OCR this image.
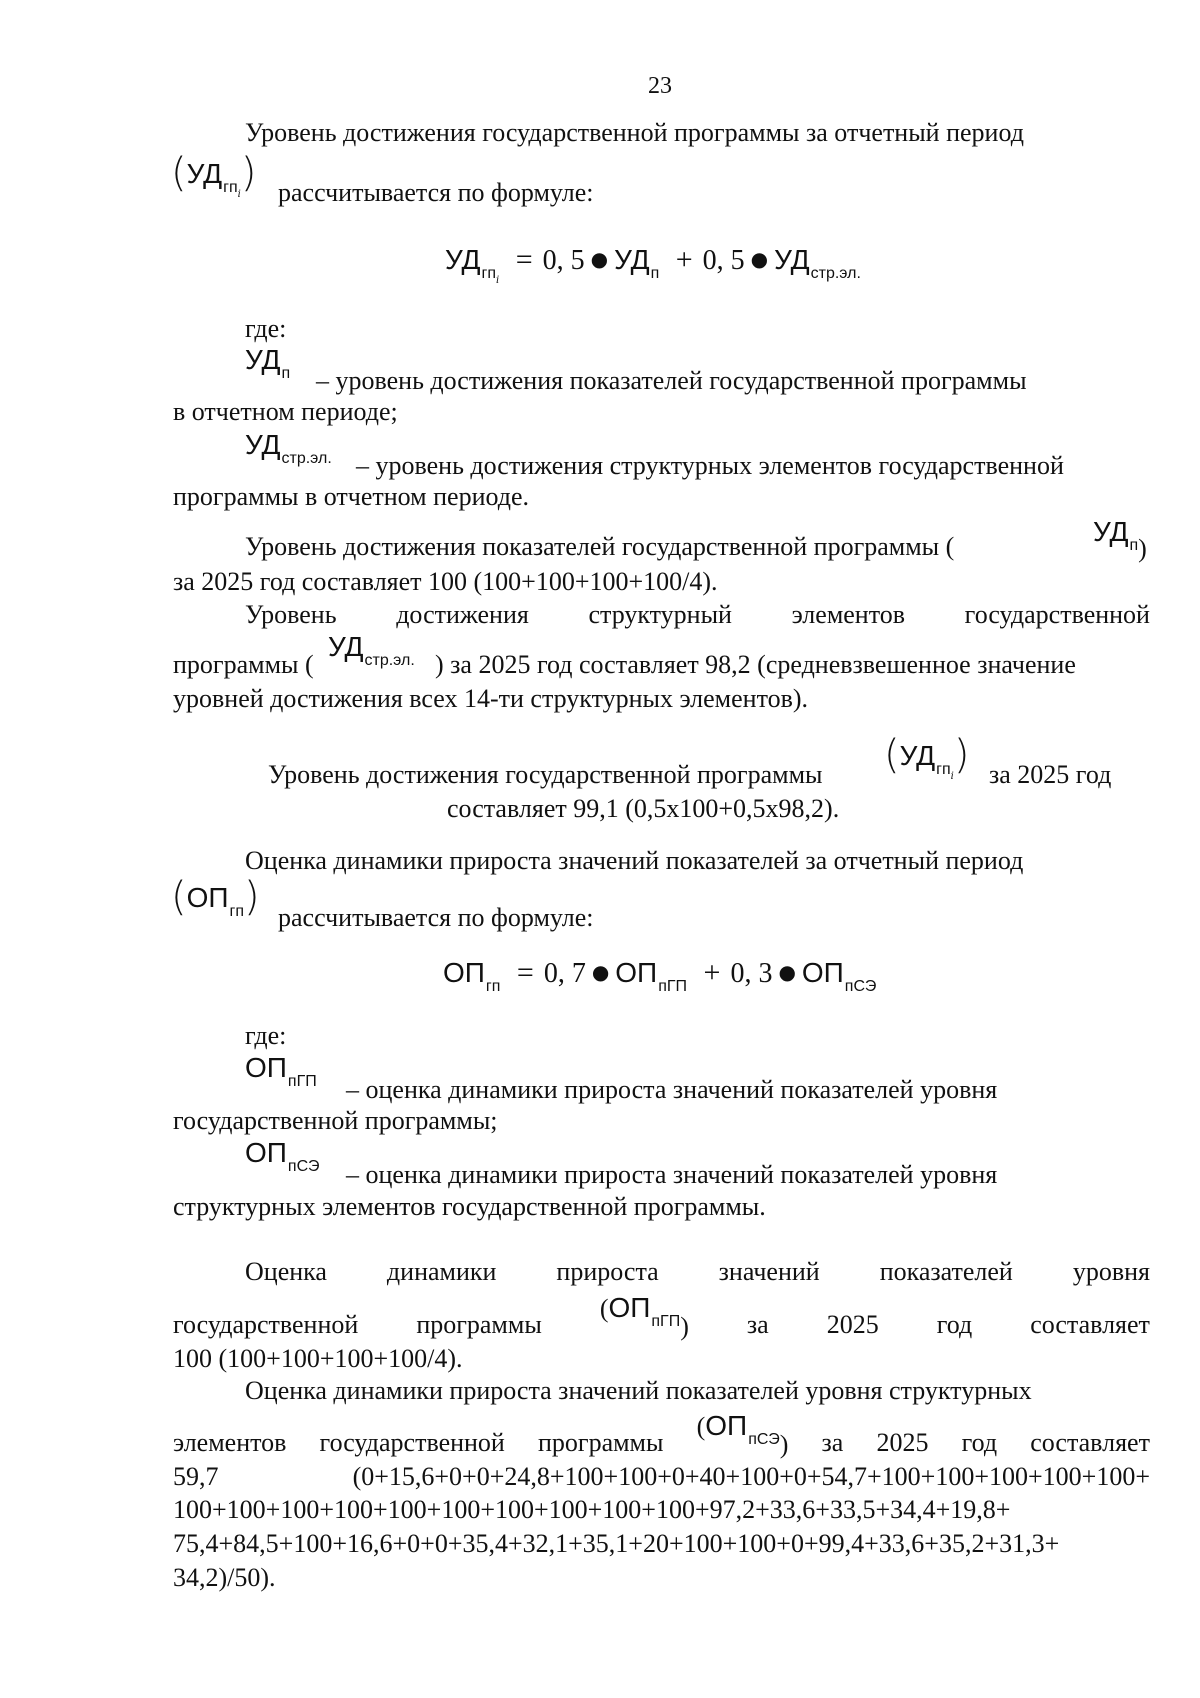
23
Уровень достижения государственной программы за отчетный период
$(УД_{гпi})$ рассчитывается по формуле:
$УД_{гпi} = 0$, 5 ● $УД_п + 0$, 5 ● $УД_{стр.эл.}$
где:
$УД_п$ – уровень достижения показателей государственной программы
в отчетном периоде;
$УД_{стр.эл.}$ – уровень достижения структурных элементов государственной
программы в отчетном периоде.
Уровень достижения показателей государственной программы (	$УД_п$)
за 2025 год составляет 100 (100+100+100+100/4).
Уровень достижения структурный элементов государственной
программы (
$УД_{стр.эл.}$ ) за 2025 год составляет 98,2 (средневзвешенное значение
уровней достижения всех 14-ти структурных элементов).
Уровень достижения государственной программы $(УД_{гпi})$ за 2025 год
составляет 99,1 (0,5х100+0,5х98,2).
Оценка динамики прироста значений показателей за отчетный период
$(ОП_{гп})$ рассчитывается по формуле:
$ОП_{гп} = 0$, 7 ● $ОП_{пГП} + 0$, 3 ● $ОП_{пСЭ}$
где:
$ОП_{пГП}$ – оценка динамики прироста значений показателей уровня
государственной программы;
$ОП_{пСЭ}$ – оценка динамики прироста значений показателей уровня
структурных элементов государственной программы.
Оценка динамики прироста значений показателей уровня
государственной программы
$(ОП_{пГП})$ за 2025 год составляет
100 (100+100+100+100/4).
Оценка динамики прироста значений показателей уровня структурных
элементов государственной программы
$(ОП_{пСЭ})$ за 2025 год составляет
59,7	(0+15,6+0+0+24,8+100+100+0+40+100+0+54,7+100+100+100+100+100+
100+100+100+100+100+100+100+100+100+100+97,2+33,6+33,5+34,4+19,8+
75,4+84,5+100+16,6+0+0+35,4+32,1+35,1+20+100+100+0+99,4+33,6+35,2+31,3+
34,2)/50).
